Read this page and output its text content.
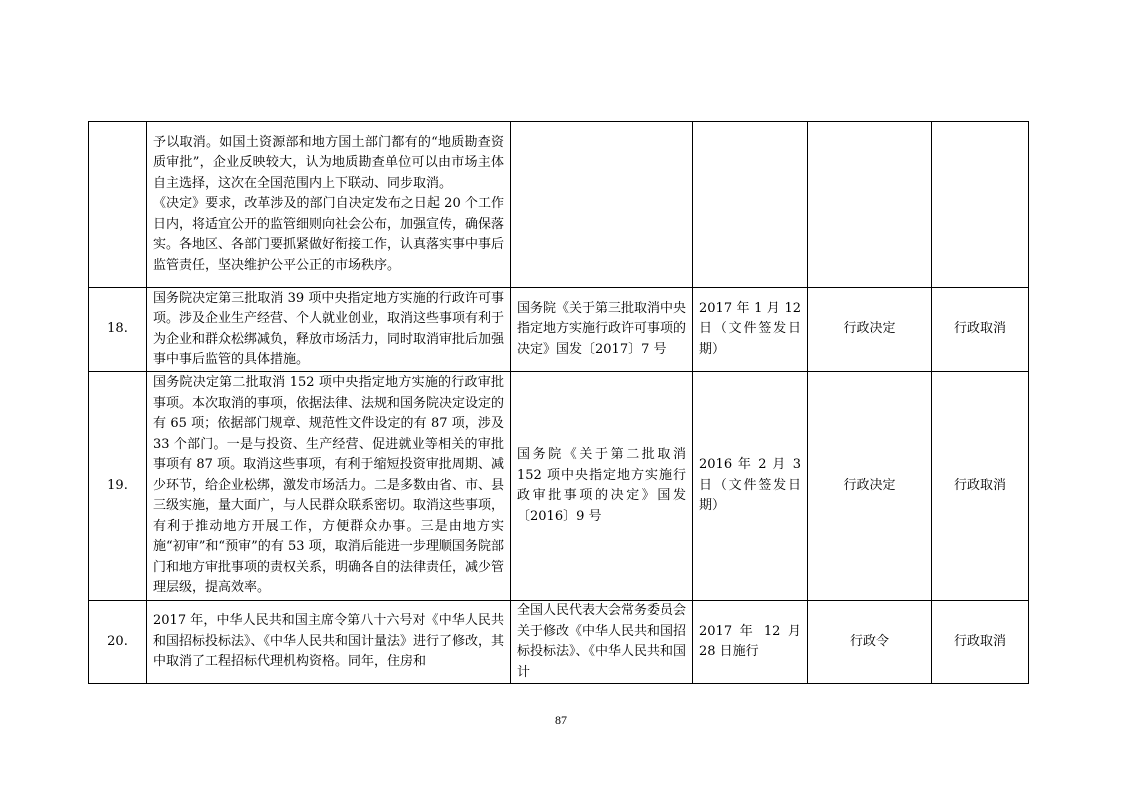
	予以取消。如国土资源部和地方国土部门都有的“地质勘查资质审批”，企业反映较大，认为地质勘查单位可以由市场主体自主选择，这次在全国范围内上下联动、同步取消。

《决定》要求，改革涉及的部门自决定发布之日起 20 个工作日内，将适宜公开的监管细则向社会公布，加强宣传，确保落实。各地区、各部门要抓紧做好衔接工作，认真落实事中事后监管责任，坚决维护公平公正的市场秩序。				

18.	国务院决定第三批取消 39 项中央指定地方实施的行政许可事项。涉及企业生产经营、个人就业创业，取消这些事项有利于为企业和群众松绑减负，释放市场活力，同时取消审批后加强事中事后监管的具体措施。	国务院《关于第三批取消中央指定地方实施行政许可事项的决定》国发〔2017〕7 号	2017 年 1 月 12 日（文件签发日期）	行政决定	行政取消
19.	国务院决定第二批取消 152 项中央指定地方实施的行政审批事项。本次取消的事项，依据法律、法规和国务院决定设定的有 65 项；依据部门规章、规范性文件设定的有 87 项，涉及 33 个部门。一是与投资、生产经营、促进就业等相关的审批事项有 87 项。取消这些事项，有利于缩短投资审批周期、减少环节，给企业松绑，激发市场活力。二是多数由省、市、县三级实施，量大面广，与人民群众联系密切。取消这些事项，有利于推动地方开展工作，方便群众办事。三是由地方实施“初审”和“预审”的有 53 项，取消后能进一步理顺国务院部门和地方审批事项的责权关系，明确各自的法律责任，减少管理层级，提高效率。	国务院《关于第二批取消 152 项中央指定地方实施行政审批事项的决定》国发〔2016〕9 号	2016 年 2 月 3 日（文件签发日期）	行政决定	行政取消
20.	2017 年，中华人民共和国主席令第八十六号对《中华人民共和国招标投标法》、《中华人民共和国计量法》进行了修改，其中取消了工程招标代理机构资格。同年，住房和	全国人民代表大会常务委员会关于修改《中华人民共和国招标投标法》、《中华人民共和国计	2017 年 12 月 28 日施行	行政令	行政取消
87
